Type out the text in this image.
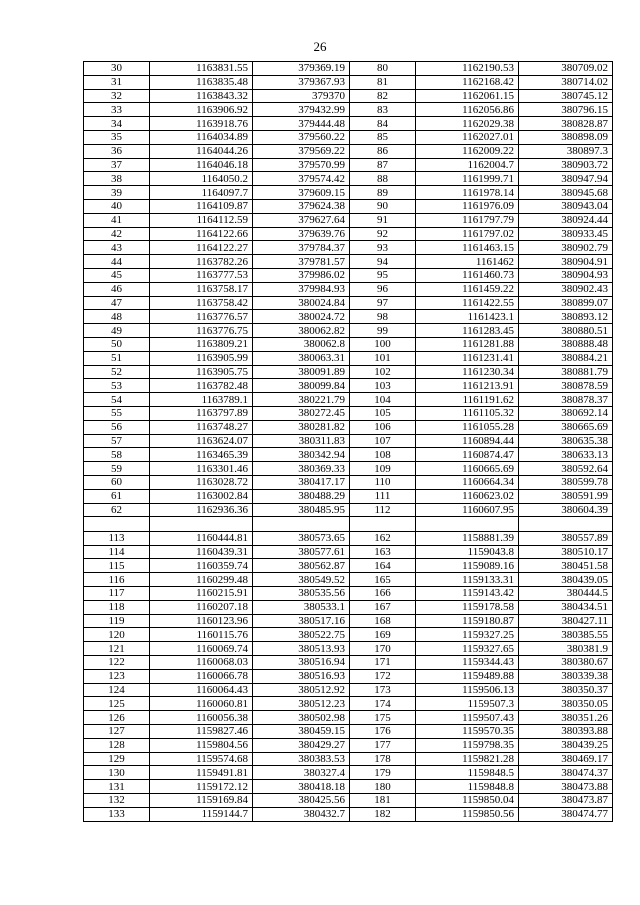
26
30	1163831.55	379369.19	80	1162190.53	380709.02
31	1163835.48	379367.93	81	1162168.42	380714.02
32	1163843.32	379370	82	1162061.15	380745.12
33	1163906.92	379432.99	83	1162056.86	380796.15
34	1163918.76	379444.48	84	1162029.38	380828.87
35	1164034.89	379560.22	85	1162027.01	380898.09
36	1164044.26	379569.22	86	1162009.22	380897.3
37	1164046.18	379570.99	87	1162004.7	380903.72
38	1164050.2	379574.42	88	1161999.71	380947.94
39	1164097.7	379609.15	89	1161978.14	380945.68
40	1164109.87	379624.38	90	1161976.09	380943.04
41	1164112.59	379627.64	91	1161797.79	380924.44
42	1164122.66	379639.76	92	1161797.02	380933.45
43	1164122.27	379784.37	93	1161463.15	380902.79
44	1163782.26	379781.57	94	1161462	380904.91
45	1163777.53	379986.02	95	1161460.73	380904.93
46	1163758.17	379984.93	96	1161459.22	380902.43
47	1163758.42	380024.84	97	1161422.55	380899.07
48	1163776.57	380024.72	98	1161423.1	380893.12
49	1163776.75	380062.82	99	1161283.45	380880.51
50	1163809.21	380062.8	100	1161281.88	380888.48
51	1163905.99	380063.31	101	1161231.41	380884.21
52	1163905.75	380091.89	102	1161230.34	380881.79
53	1163782.48	380099.84	103	1161213.91	380878.59
54	1163789.1	380221.79	104	1161191.62	380878.37
55	1163797.89	380272.45	105	1161105.32	380692.14
56	1163748.27	380281.82	106	1161055.28	380665.69
57	1163624.07	380311.83	107	1160894.44	380635.38
58	1163465.39	380342.94	108	1160874.47	380633.13
59	1163301.46	380369.33	109	1160665.69	380592.64
60	1163028.72	380417.17	110	1160664.34	380599.78
61	1163002.84	380488.29	111	1160623.02	380591.99
62	1162936.36	380485.95	112	1160607.95	380604.39

113	1160444.81	380573.65	162	1158881.39	380557.89
114	1160439.31	380577.61	163	1159043.8	380510.17
115	1160359.74	380562.87	164	1159089.16	380451.58
116	1160299.48	380549.52	165	1159133.31	380439.05
117	1160215.91	380535.56	166	1159143.42	380444.5
118	1160207.18	380533.1	167	1159178.58	380434.51
119	1160123.96	380517.16	168	1159180.87	380427.11
120	1160115.76	380522.75	169	1159327.25	380385.55
121	1160069.74	380513.93	170	1159327.65	380381.9
122	1160068.03	380516.94	171	1159344.43	380380.67
123	1160066.78	380516.93	172	1159489.88	380339.38
124	1160064.43	380512.92	173	1159506.13	380350.37
125	1160060.81	380512.23	174	1159507.3	380350.05
126	1160056.38	380502.98	175	1159507.43	380351.26
127	1159827.46	380459.15	176	1159570.35	380393.88
128	1159804.56	380429.27	177	1159798.35	380439.25
129	1159574.68	380383.53	178	1159821.28	380469.17
130	1159491.81	380327.4	179	1159848.5	380474.37
131	1159172.12	380418.18	180	1159848.8	380473.88
132	1159169.84	380425.56	181	1159850.04	380473.87
133	1159144.7	380432.7	182	1159850.56	380474.77
